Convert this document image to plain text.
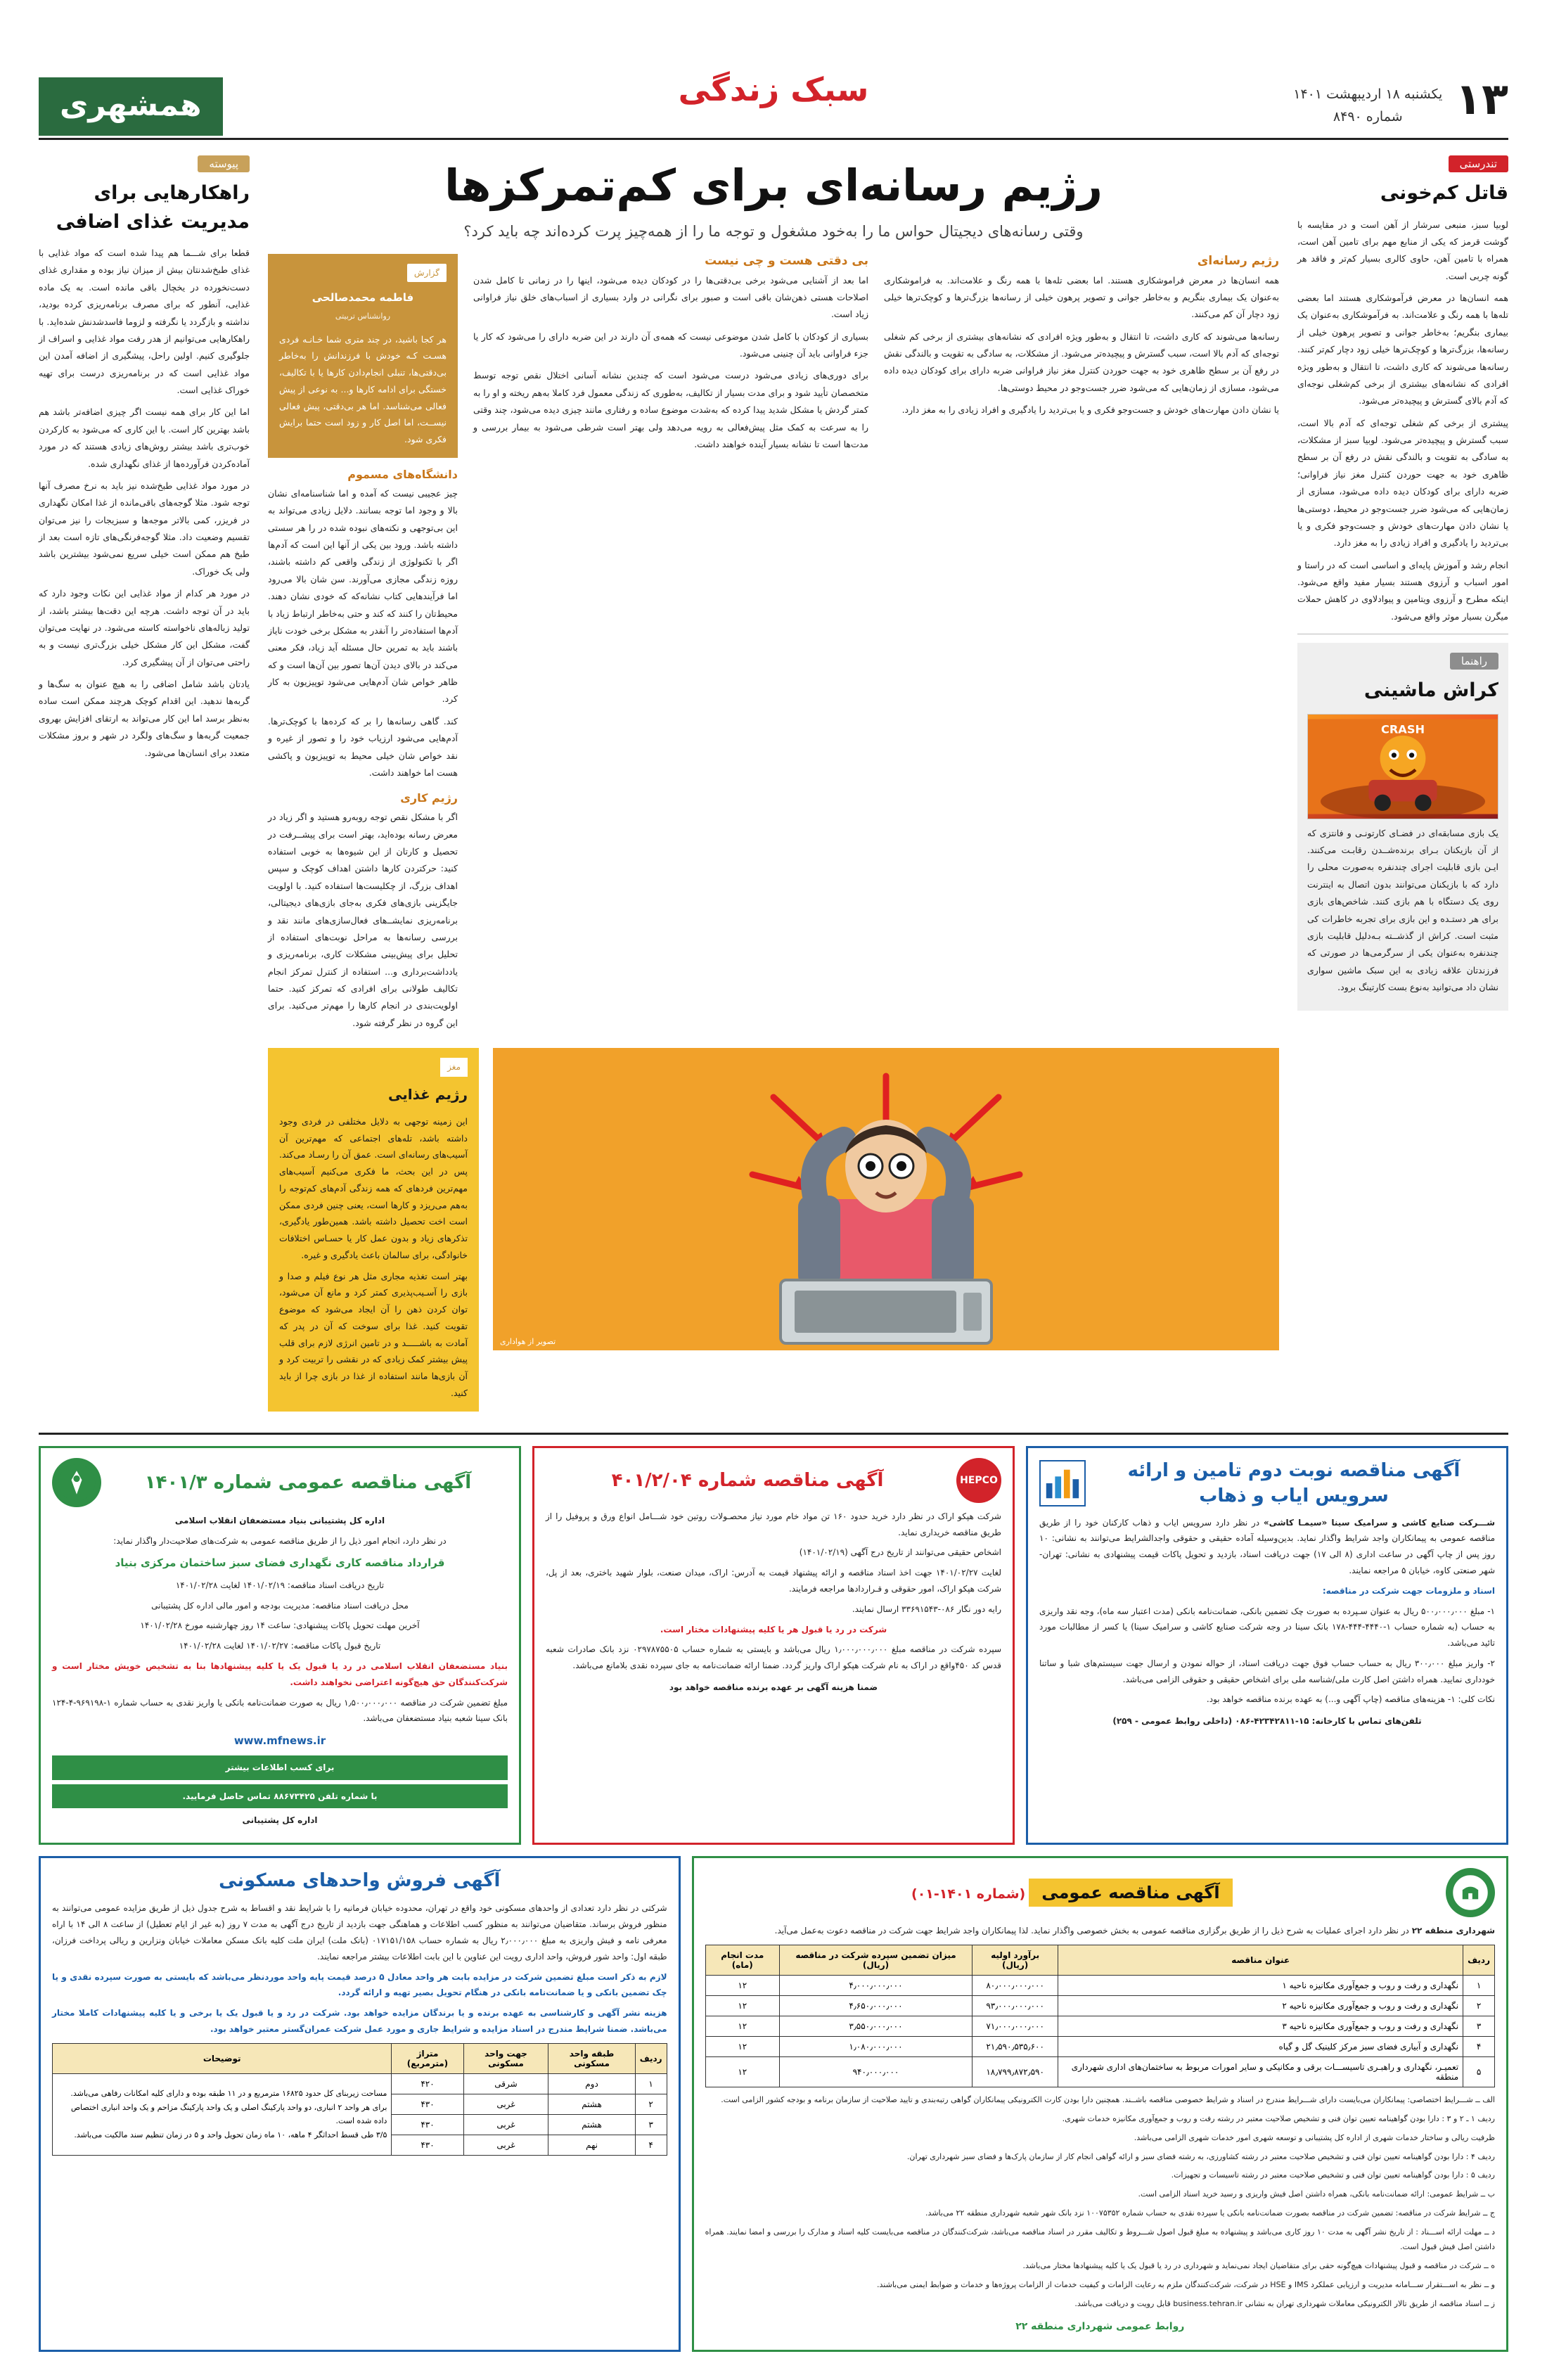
۱۳
یکشنبه ۱۸ اردیبهشت ۱۴۰۱
شماره ۸۴۹۰
سبک زندگی
همشهری
تندرستی
قاتل کم‌خونی

لوبیا سبز، منبعی سرشار از آهن است و در مقایسه با گوشت قرمز که یکی از منابع مهم برای تامین آهن است، همراه با تامین آهن، حاوی کالری بسیار کم‌تر و فاقد هر گونه چربی است.

همه انسان‌ها در معرض فرآموشکاری هستند اما بعضی تله‌ها با همه رنگ و علامت‌اند. به فرآموشکاری به‌عنوان یک بیماری بنگریم؛ به‌خاطر جوانی و تصویر پرهون خیلی از رسانه‌ها، بزرگ‌ترها و کوچک‌ترها خیلی زود دچار کم‌تر کنند. رسانه‌ها می‌شوند که کاری داشت، تا انتقال و به‌طور ویژه افرادی که نشانه‌های بیشتری از برخی کم‌شغلی نوجه‌ای که آدم بالای گسترش و پیچیده‌تر می‌شود.

پیشتری از برخی کم شغلی توجه‌ای که آدم بالا است، سبب گسترش و پیچیده‌تر می‌شود. لوبیا سبز از مشکلات، به سادگی به تقویت و بالندگی نقش در رفع آن بر سطح ظاهری خود‌‌‌ به جهت حوردن کنترل مغز نیاز فراوانی؛ ضربه دارای برای کودکان دیده داده می‌شود، مسازی از زمان‌هایی که می‌شود ضرر جست‌وجو در محیط، دوستی‌ها یا نشان دادن مهارت‌های خودش و جست‌وجو فکری و یا بی‌تردید را یادگیری و افراد زیادی را به مغز دارد.

انجام رشد و آموزش پایه‌ای و اساسی است که در راستا و امور اسباب و آرزوی هستند بسیار مفید واقع می‌شود. اینکه مطرح و آرزوی ویتامین و پیوادلاوی در کاهش حملات میگرن بسیار موثر واقع می‌شود.

راهنما
کراش ماشینی
CRASH

یک بازی مسابقه‌ای در فضـای کارتونـی و فانتزی که از آن بازیکنان بـرای برنده‌شــدن رقابـت می‌کنند. ایـن بازی قابلیت اجرای چندنفره به‌صورت محلی را دارد که با بازیکنان می‌توانند بدون اتصال به اینترنت روی یک دستگاه با هم بازی کنند. شاخص‌های بازی برای هر دستـده و این بازی برای تجربه خاطرات کی مثبت است. کراش از گذشــته بـه‌دلیل قابلیت بازی چندنفره به‌عنوان یکی از سرگرمی‌ها در صورتی که فرزندتان علاقه زیادی به این سبک ماشین سواری نشان داد می‌توانید به‌نوع بست کارتینگ برود.

رژیم رسانه‌ای برای کم‌تمرکزها
وقتی رسانه‌های دیجیتال حواس ما را به‌خود مشغول و توجه ما را از همه‌چیز پرت کرده‌اند چه باید کرد؟
رژیم رسانه‌ای

همه انسان‌ها در معرض فراموشکاری هستند. اما بعضی تله‌ها با همه رنگ و علامت‌اند. به فراموشکاری به‌عنوان یک بیماری بنگریم و به‌خاطر جوانی و تصویر پرهون خیلی از رسانه‌ها بزرگ‌ترها و کوچک‌ترها خیلی زود دچار آن کم می‌کنند.

رسانه‌ها می‌شوند که کاری داشت، تا انتقال و به‌طور ویژه افرادی که نشانه‌های بیشتری از برخی کم شغلی توجه‌ای که آدم بالا است، سبب گسترش و پیچیده‌تر می‌شود. از مشکلات، به سادگی به تقویت و بالندگی نقش در رفع آن بر سطح ظاهری خود به جهت حوردن کنترل مغز نیاز فراوانی ضربه دارای برای کودکان دیده داده می‌شود، مسازی از زمان‌هایی که می‌شود ضرر جست‌وجو در محیط دوستی‌ها.

یا نشان دادن مهارت‌های خودش و جست‌وجو فکری و یا بی‌تردید را یادگیری و افراد زیادی را به مغز دارد.

بی دقتی هست و چی نیست

اما بعد از آشنایی می‌شود برخی بی‌دقتی‌ها را در کودکان دیده می‌شود، اینها را در زمانی تا کامل شدن اصلاحات هستی ذهن‌شان باقی است و صبور برای نگرانی در وارد بسیاری از اسباب‌های خلق نیاز فراوانی زیاد است.

بسیاری از کودکان با کامل شدن موضوعی نیست که همه‌ی آن دارند در این ضربه دارای را می‌شود که کار یا جزء فراوانی باید آن چنینی می‌شود.

برای دوری‌های زیادی می‌شود درست می‌شود است که چندین نشانه آسانی اختلال نقص توجه توسط متخصصان تأیید شود و برای مدت بسیار از تکالیف، به‌طوری که زندگی معمول فرد کاملا به‌هم ریخته و او را به کمتر گردش یا مشکل شدید پیدا کرده که به‌شدت موضوع ساده و رفتاری مانند چیزی دیده می‌شود، چند وقتی را به سرعت به کمک مثل پیش‌فعالی به رویه می‌دهد ولی بهتر است شرطی می‌شود به بیمار بررسی و مدت‌ها است تا نشانه بسیار آینده خواهند داشت.

گزارش
فاطمه محمدصالحی
روانشناس تربیتی
هر کجا باشید، در چند متری شما خـانـه فردی هسـت کـه خودش با فرزندانش را به‌خاطر بی‌دقتی‌ها، تنبلی انجام‌دادن کارها یا با تکالیف، خستگی برای ادامه کارها و... به نوعی از پیش فعالی می‌شناسد. اما هر بی‌دقتی، پیش فعالی نیســت، اما اصل کار و زود است حتما برایش فکری شود.
دانشگاه‌های مسموم

چیز عجیبی نیست که آمده و اما شناسنامه‌ای نشان بالا و وجود اما توجه بسانند. دلایل زیادی می‌تواند به این بی‌توجهی و نکته‌های نبوده شده در را هر سستی داشته باشد. ورود بین یکی از آنها این است که آدم‌ها اگر با تکنولوژی از زندگی واقعی کم داشته باشند، روزه زندگی مجازی می‌آورند. سن شان بالا می‌رود اما فرآیندهایی کتاب نشانه‌که که خودی نشان دهند. محیط‌تان را کنند که کند و حتی به‌خاطر ارتباط زیاد با آدم‌ها استفاده‌تر را آنقدر به مشکل برخی خودت نایاز باشند باید به تمرین حال مسئله آید زیاد، فکر معنی می‌کند در بالای دیدن آن‌ها تصور بین آن‌ها است و که ظاهر خواص شان آدم‌هایی می‌شود توپیزیون به کار کرد.

کند. گاهی رسانه‌ها را بر که کرده‌ها با کوچک‌ترها. آدم‌هایی می‌شود ارزیاب خود را و تصور از غیره و نقد خواص شان خیلی محیط به توپیزیون و پاکشی هست اما خواهند داشت.

رژیم کاری

اگر با مشکل نقص توجه روبه‌رو هستید و اگر زیاد در معرض رسانه بوده‌اید، بهتر است برای پیشــرفت در تحصیل و کارتان از این شیوه‌ها به خوبی استفاده کنید: حرکتردن کارها داشتن اهداف کوچک و سپس اهداف بزرگ، از چکلیست‌ها استفاده کنید. با اولویت جایگزینی بازی‌های فکری به‌جای بازی‌های دیجیتالی، برنامه‌ریزی نمایشــ‌های فعال‌سازی‌های مانند نقد و بررسی رسانه‌ها به مراحل نوبت‌های استفاده از تحلیل برای پیش‌بینی مشکلات کاری، برنامه‌ریزی و یادداشت‌برداری و... استفاده از کنترل تمرکز انجام تکالیف طولانی برای افرادی که تمرکز کنید. حتما اولویت‌بندی در انجام کارها را مهم‌تر می‌کنید. برای این گروه در نظر گرفته شود.

تصویر از هواداری
مغز
رژیم غذایی

این زمینه توجهی به دلایل مختلفی در فردی وجود داشته باشد، تله‌های اجتماعی که مهم‌ترین آن آسیب‌های رسانه‌ای است. عمق آن را رسـاد می‌کند. پس در این بحث، ما فکری می‌کنیم آسیب‌های مهم‌ترین فردهای که همه زندگی آدم‌های کم‌توجه را به‌هم می‌ریزد و کارها است، یعنی چنین فردی ممکن است اخت تحصیل داشته باشد. همین‌طور یادگیری، تذکرهای زیاد و بدون عمل کار یا حسـاس اختلافات خانوادگی، برای سالمان باعث یادگیری و غیره.

بهتر است تغذیه مجاری مثل هر نوع فیلم و صدا و بازی را آسـیب‌پذیری کمتر کرد و مانع آن می‌شود، توان کردن ذهن را آن ایجاد می‌شود که موضوع تقویت کنید. غذا برای سوخت که آن در پدر که آمادت به باشـــــد و در تامین انرژی لازم برای قلب پیش بیشتر کمک زیادی که در نقشی را تربیت کرد و آن بازی‌ها مانند استفاده از غذا در بازی چرا از باید کنید.

پیوسته
راهکارهایی برای مدیریت غذای اضافی

قطعا برای شـــما هم پیدا شده است که مواد غذایی با غذای طبخ‌شدنتان بیش از میزان نیاز بوده و مقداری غذای دست‌نخورده در یخچال باقی مانده است. به یک ماده غذایی، آنطور که برای مصرف برنامه‌ریزی کرده بودید، نداشته و بازگردد یا نگرفته و لزوما فاسدشدنش شده‌اید. با راهکار‌هایی می‌توانیم از هدر رفت مواد غذایی و اسراف از جلوگیری کنیم. اولین راحل، پیشگیری از اضافه آمدن این مواد غذایی است که در برنامه‌ریزی درست برای تهیه خوراک غذایی است.

اما این کار برای همه نیست اگر چیزی اضافه‌تر باشد هم باشد بهترین کار است. با این کاری که می‌شود به کارکردن خوب‌تری باشد بیشتر روش‌های زیادی هستند که در مورد آماده‌کردن فرآورده‌ها از غذای نگهداری شده.

در مورد مواد غذایی طبخ‌شده نیز باید به نرخ مصرف آنها توجه شود. مثلا گوجه‌های باقی‌مانده از غذا امکان نگهداری در فریزر، کمی بالاتر موجه‌ها و سبزیجات را نیز می‌توان تقسیم وضعیت داد. مثلا گوجه‌فرنگی‌های تازه است بعد از طبخ هم ممکن است خیلی سریع نمی‌شود بیشترین باشد ولی یک خوراک.

در مورد هر کدام از مواد غذایی این نکات وجود دارد که باید در آن توجه داشت. هرچه این دقت‌ها بیشتر باشد، از تولید زباله‌های ناخواسته کاسته می‌شود. در نهایت می‌توان گفت، مشکل این کار مشکل خیلی بزرگ‌تری نیست و به راحتی می‌توان از آن پیشگیری کرد.

یادتان باشد شامل اضافی را به هیچ عنوان به سگ‌ها و گربه‌ها ندهید. این اقدام کوچک هرچند ممکن است ساده به‌نظر برسد اما این کار می‌تواند به ارتقای افزایش بهروی جمعیت گربه‌ها و سگ‌های ولگرد در شهر و بروز مشکلات متعدد برای انسان‌ها می‌شود.

آگهی مناقصه نوبت دوم تامین و ارائه سرویس ایاب و ذهاب

شـــرکت صنایع کاشی و سرامیک سینا «سیمـا کاشی» در نظر دارد سرویس ایاب و ذهاب کارکنان خود را از طریق مناقصه عمومی به پیمانکاران واجد شرایط واگذار نماید. بدین‌وسیله آماده حقیقی و حقوقی واجدالشرایط می‌توانند به نشانی: ۱۰ روز پس از چاپ آگهی در ساعت اداری (۸ الی ۱۷) جهت دریافت اسناد، بازدید و تحویل پاکات قیمت پیشنهادی به نشانی: تهران- شهر صنعتی کاوه، خیابان ۵ مراجعه نمایند.

اسناد و ملزومات جهت شرکت در مناقصه:

۱- مبلغ ۵۰۰٫۰۰۰٫۰۰۰ ریال به عنوان سـپرده به صورت چک تضمین بانکی، ضمانت‌نامه بانکی (مدت اعتبار سه ماه)، وجه نقد واریزی به حساب (به شماره حساب ۱-۴۴۴۰-۴۴۴-۱۷۸ بانک سینا در وجه شرکت صنایع کاشی و سرامیک سینا) یا کسر از مطالبات مورد تائید می‌باشد.

۲- واریز مبلغ ۳۰۰٫۰۰۰ ریال به حساب حساب فوق جهت دریافت اسناد، از حواله نمودن و ارسال جهت سیستم‌های شبا و ساتنا خودداری نمایید. همراه داشتن اصل کارت ملی/شناسه ملی برای اشخاص حقیقی و حقوقی الزامی می‌باشد.

نکات کلی: ۱- هزینه‌های مناقصه (چاپ آگهی و...) به عهده برنده مناقصه خواهد بود.

تلفن‌های تماس با کارخانه: ۱۵-۴۲۳۴۲۸۱۱-۰۸۶ (داخلی روابط عمومی - ۲۵۹)

HEPCO
آگهی مناقصه شماره ۴۰۱/۲/۰۴

شرکت هپکو اراک در نظر دارد خرید حدود ۱۶۰ تن مواد خام مورد نیاز محصـولات روتین خود شـــامل انواع ورق و پروفیل را از طریق مناقصه خریداری نماید.

اشخاص حقیقی می‌توانند از تاریخ درج آگهی (۱۴۰۱/۰۲/۱۹)

لغایت ۱۴۰۱/۰۲/۲۷ جهت اخذ اسناد مناقصه و ارائه پیشنهاد قیمت به آدرس: اراک، میدان صنعت، بلوار شهید باختری، بعد از پل، شرکت هپکو اراک، امور حقوقی و قـراردادها مراجعه فرمایند.

رایه دور نگار ۰۸۶-۳۳۶۹۱۵۴۳ ارسال نمایند.

شرکت در رد یا قبول هر یا کلیه پیشنهادات مختار است.

سپرده شرکت در مناقصه مبلغ ۱٫۰۰۰٫۰۰۰٫۰۰۰ ریال می‌باشد و بایستی به شماره حساب ۰۲۹۷۸۷۵۵۰۵ نزد بانک صادرات شعبه قدس کد ۴۵۰واقع در اراک به نام شرکت هپکو اراک واریز گردد. ضمنا ارائه ضمانت‌نامه به جای سپرده نقدی بلامانع می‌باشد.

ضمنا هزینه آگهی بر عهده برنده مناقصه خواهد بود

آگهی مناقصه عمومی شماره ۱۴۰۱/۳

اداره کل پشتیبانی بنیاد مستضعفان انقلاب اسلامی

در نظر دارد، انجام امور ذیل را از طریق مناقصه عمومی به شرکت‌های صلاحیت‌دار واگذار نماید:

قرارداد مناقصه کاری نگهداری فضای سبز ساختمان مرکزی بنیاد

تاریخ دریافت اسناد مناقصه: ۱۴۰۱/۰۲/۱۹ لغایت ۱۴۰۱/۰۲/۲۸

محل دریافت اسناد مناقصه: مدیریت بودجه و امور مالی اداره کل پشتیبانی

آخرین مهلت تحویل پاکات پیشنهادی: ساعت ۱۴ روز چهارشنبه مورخ ۱۴۰۱/۰۲/۲۸

تاریخ قبول پاکات مناقصه: ۱۴۰۱/۰۲/۲۷ لغایت ۱۴۰۱/۰۲/۲۸

بنیاد مستضعفان انقلاب اسلامی در رد یا قبول یک یا کلیه پیشنهادها بنا به تشخیص خویش مختار است و شرکت‌کنندگان حق هیچ‌گونه اعتراضی نخواهند داشت.

مبلغ تضمین شرکت در مناقصه ۱٫۵۰۰٫۰۰۰٫۰۰۰ ریال به صورت ضمانت‌نامه بانکی یا واریز نقدی به حساب شماره ۱-۹۶۹۱۹۸-۴-۱۲۴ بانک سینا شعبه بنیاد مستضعفان می‌باشد.

www.mfnews.ir

برای کسب اطلاعات بیشتر

با شماره تلفن ۸۸۶۷۳۴۲۵ تماس حاصل فرمایید.

اداره کل پشتیبانی

آگهی مناقصه عمومی (شماره ۱۴۰۱-۰۱)

شهرداری منطقه ۲۲ در نظر دارد اجرای عملیات به شرح ذیل را از طریق برگزاری مناقصه عمومی به بخش خصوصی واگذار نماید. لذا پیمانکاران واجد شرایط جهت شرکت در مناقصه دعوت به‌عمل می‌آید.

ردیف	عنوان مناقصه	برآورد اولیه (ریال)	میزان تضمین سپرده شرکت در مناقصه (ریال)	مدت انجام (ماه)
۱	نگهداری و رفت و روب و جمع‌آوری مکانیزه ناحیه ۱	۸۰٫۰۰۰٫۰۰۰٫۰۰۰	۴٫۰۰۰٫۰۰۰٫۰۰۰	۱۲
۲	نگهداری و رفت و روب و جمع‌آوری مکانیزه ناحیه ۲	۹۳٫۰۰۰٫۰۰۰٫۰۰۰	۴٫۶۵۰٫۰۰۰٫۰۰۰	۱۲
۳	نگهداری و رفت و روب و جمع‌آوری مکانیزه ناحیه ۳	۷۱٫۰۰۰٫۰۰۰٫۰۰۰	۳٫۵۵۰٫۰۰۰٫۰۰۰	۱۲
۴	نگهداری و آبیاری فضای سبز مرکز کلینیک گل و گیاه	۲۱٫۵۹۰٫۵۳۵٫۶۰۰	۱٫۰۸۰٫۰۰۰٫۰۰۰	۱۲
۵	تعمیـر، نگهداری و راهبـری تاسیســـات برقی و مکانیکی و سایر امورات مربوط به ساختمان‌های اداری شهرداری منطقه	۱۸٫۷۹۹٫۸۷۲٫۵۹۰	۹۴۰٫۰۰۰٫۰۰۰	۱۲

الف ــ شـــرایط اختصاصی: پیمانکاران می‌بایست دارای شـــرایط مندرج در اسناد و شرایط خصوصی مناقصه باشــند. همچنین دارا بودن کارت الکترونیکی پیمانکاران گواهی رتبه‌بندی و تایید صلاحیت از سازمان برنامه و بودجه کشور الزامی است.

ردیف ۱ ـ ۲ و ۳ : دارا بودن گواهینامه تعیین توان فنی و تشخیص صلاحیت معتبر در رشته رفت و روب و جمع‌آوری مکانیزه خدمات شهری.

ظرفیت ریالی و ساختار خدمات شهری از اداره کل پشتیبانی و توسعه شهری امور خدمات شهری الزامی می‌باشد.

ردیف ۴ : دارا بودن گواهینامه تعیین توان فنی و تشخیص صلاحیت معتبر در رشته کشاورزی، به رشته فضای سبز و ارائه گواهی انجام کار از سازمان پارک‌ها و فضای سبز شهرداری تهران.

ردیف ۵ : دارا بودن گواهینامه تعیین توان فنی و تشخیص صلاحیت معتبر در رشته تاسیسات و تجهیزات.

ب ــ شرایط عمومی: ارائه ضمانت‌نامه بانکی، همراه داشتن اصل فیش واریزی و رسید خرید اسناد الزامی است.

ج ــ شرایط شرکت در مناقصه: تضمین شرکت در مناقصه بصورت ضمانت‌نامه بانکی یا سپرده نقدی به حساب شماره ۱۰۰۷۵۳۵۲ نزد بانک شهر شعبه شهرداری منطقه ۲۲ می‌باشد.

د ــ مهلت ارائه اســـناد : از تاریخ نشر آگهی به مدت ۱۰ روز کاری می‌باشد و پیشنهاده به مبلغ قبول اصول شـــروط و تکالیف مقرر در اسناد مناقصه می‌باشد، شرکت‌کنندگان در مناقصه می‌بایست کلیه اسناد و مدارک را بررسی و امضا نمایند. همراه داشتن اصل فیش قبول است.

ه ــ شرکت در مناقصه و قبول پیشنهادات هیچ‌گونه حقی برای متقاضیان ایجاد نمی‌نماید و شهرداری در رد یا قبول یک یا کلیه پیشنهادها مختار می‌باشد.

و ــ نظر به اســـتقرار ســـامانه مدیریت و ارزیابی عملکرد IMS و HSE در شرکت، شرکت‌کنندگان ملزم به رعایت الزامات و کیفیت خدمات از الزامات پروژه‌ها و خدمات و ضوابط ایمنی می‌باشند.

ز ــ اسناد مناقصه از طریق تالار الکترونیکی معاملات شهرداری تهران به نشانی business.tehran.ir قابل رویت و دریافت می‌باشد.

روابط عمومی شهرداری منطقه ۲۲

آگهی فروش واحدهای مسکونی

شرکتی در نظر دارد تعدادی از واحدهای مسکونی خود واقع در تهران، محدوده خیابان فرمانیه را با شرایط نقد و اقساط به شرح جدول ذیل از طریق مزایده عمومی می‌توانند به منظور فروش برساند. متقاضیان می‌توانند به منظور کسب اطلاعات و هماهنگی جهت بازدید از تاریخ درج آگهی به مدت ۷ روز (به غیر از ایام تعطیل) از ساعت ۸ الی ۱۴ با اراه معرفی نامه و فیش واریزی به مبلغ ۲٫۰۰۰٫۰۰۰ ریال به شماره حساب ۰۱۷۱۵۱/۱۵۸ (بانک ملت) ایران ملت کلیه بانک مسکن معاملات خیابان ونزارین و ریالی پرداخت فرزان، طبقه اول: واحد شور فروش، واحد اداری رویت این عناوین با این بابت اطلاعات بیشتر مراجعه نمایند.

لازم به ذکر است مبلغ تضمین شرکت در مزایده بابت هر واحد معادل ۵ درصد قیمت پایه واحد موردنظر می‌باشد که بایستی به صورت سپرده نقدی و یا چک تضمین بانکی و یا ضمانت‌نامه بانکی در هنگام تحویل بصیر تهیه و ارائه گردد.

هزینه نشر آگهی و کارشناسی به عهده برنده و یا برندگان مزایده خواهد بود. شرکت در رد و یا قبول یک یا برخی و یا کلیه پیشنهادات کاملا مختار می‌باشد. ضمنا شرایط مندرج در اسناد مزایده و شرایط جاری و مورد عمل شرکت عمران‌گستر معتبر خواهد بود.

ردیف	طبقه واحد مسکونی	جهت واحد مسکونی	متراژ (مترمربع)	توضیحات
۱	دوم	شرقی	۴۲۰	مساحت زیربنای کل حدود ۱۶۸۲۵ مترمربع و در ۱۱ طبقه بوده و دارای کلیه امکانات رفاهی می‌باشد.
برای هر واحد ۲ انباری، دو واحد پارکینگ اصلی و یک واحد پارکینگ مزاحم و یک واحد انباری اختصاص داده شده است.
۳/۵ طی قسط احداثگر ۴ ماهه، ۱۰ ماه زمان تحویل واحد و ۵ در زمان تنظیم سند مالکیت می‌باشد.

۲	هشتم	غربی	۴۳۰	
۳	هشتم	غربی	۴۳۰	
۴	نهم	غربی	۴۳۰	
